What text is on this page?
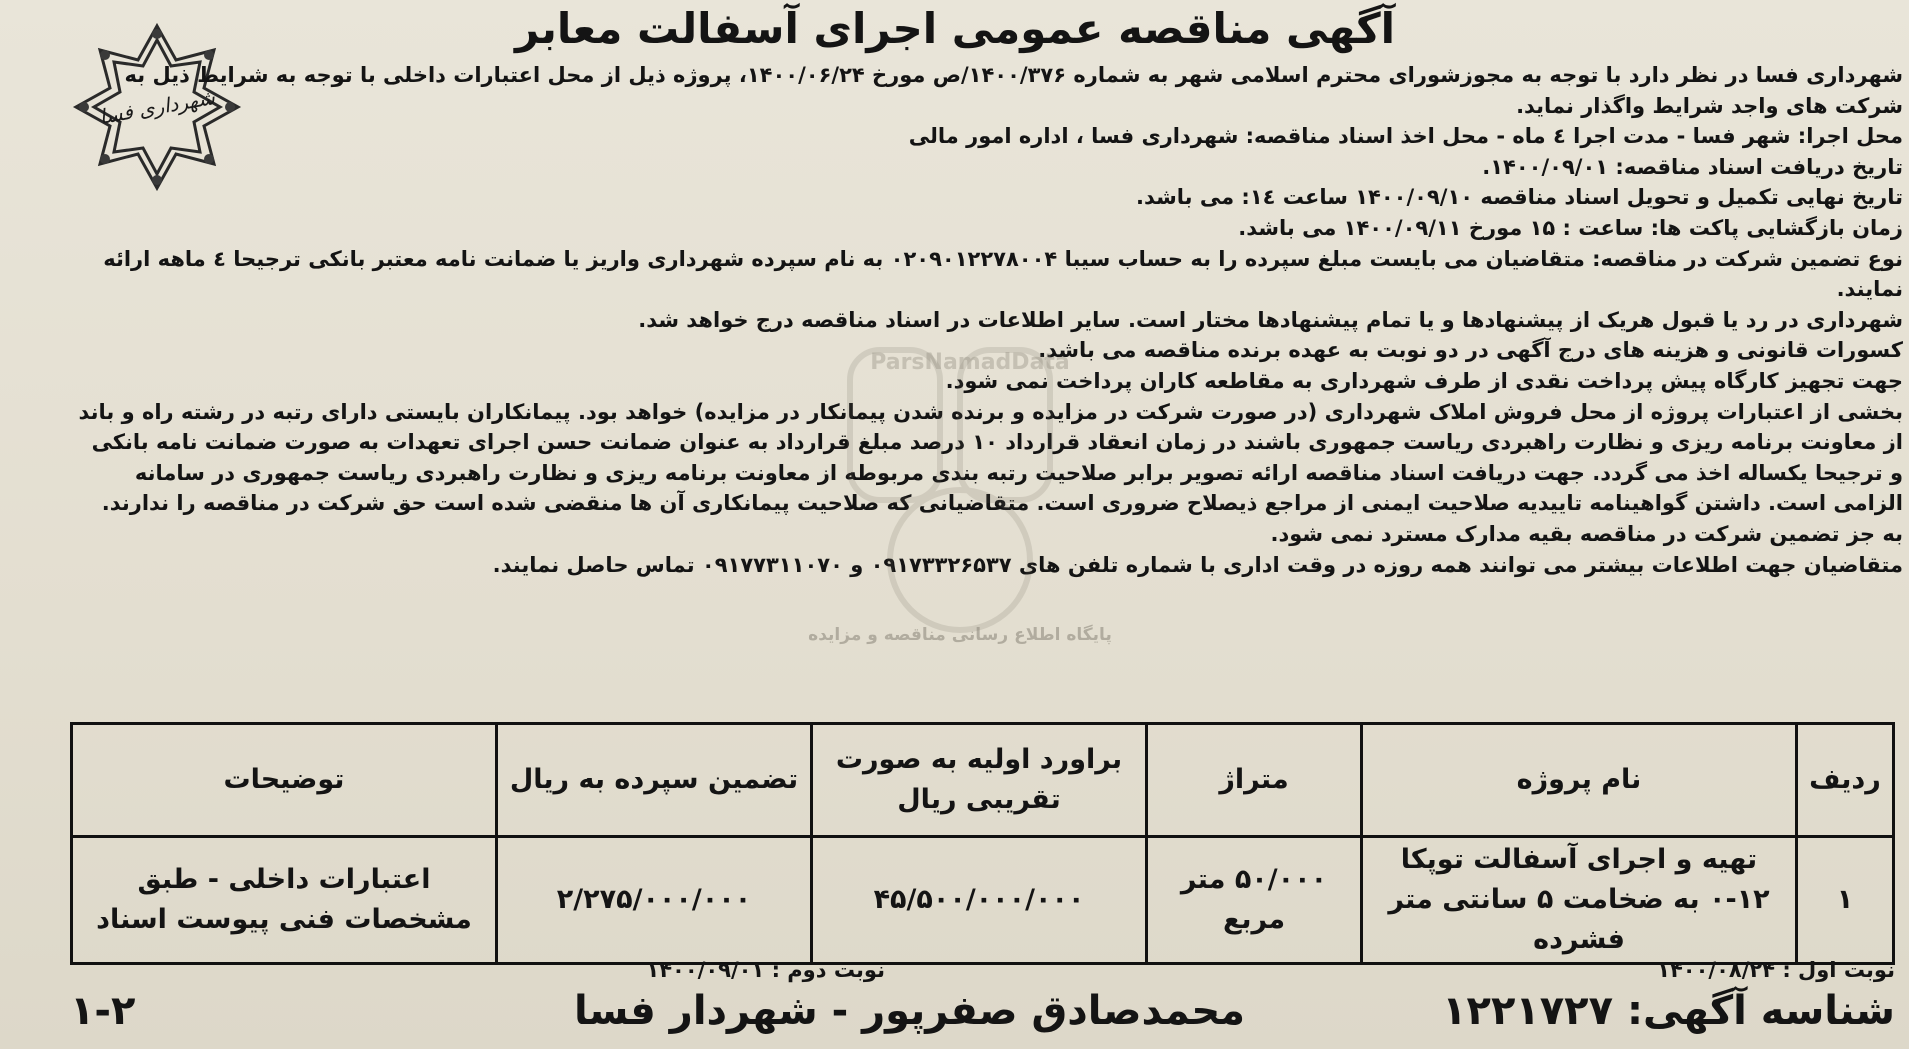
شهرداری فسا
آگهی مناقصه عمومی اجرای آسفالت معابر
شهرداری فسا در نظر دارد با توجه به مجوزشورای محترم اسلامی شهر به شماره ۱۴۰۰/۳۷۶/ص مورخ ۱۴۰۰/۰۶/۲۴، پروژه ذیل از محل اعتبارات داخلی با توجه به شرایط ذیل به شرکت های واجد شرایط واگذار نماید.
محل اجرا: شهر فسا - مدت اجرا ٤ ماه - محل اخذ اسناد مناقصه: شهرداری فسا ، اداره امور مالی
تاریخ دریافت اسناد مناقصه: ۱۴۰۰/۰۹/۰۱.
تاریخ نهایی تکمیل و تحویل اسناد مناقصه ۱۴۰۰/۰۹/۱۰ ساعت ۱٤: می باشد.
زمان بازگشایی پاکت ها: ساعت : ۱۵ مورخ ۱۴۰۰/۰۹/۱۱ می باشد.
نوع تضمین شرکت در مناقصه: متقاضیان می بایست مبلغ سپرده را به حساب سیبا ۰۲۰۹۰۱۲۲۷۸۰۰۴ به نام سپرده شهرداری واریز یا ضمانت نامه معتبر بانکی ترجیحا ٤ ماهه ارائه نمایند.
شهرداری در رد یا قبول هریک از پیشنهادها و یا تمام پیشنهادها مختار است. سایر اطلاعات در اسناد مناقصه درج خواهد شد.
کسورات قانونی و هزینه های درج آگهی در دو نوبت به عهده برنده مناقصه می باشد.
جهت تجهیز کارگاه پیش پرداخت نقدی از طرف شهرداری به مقاطعه کاران پرداخت نمی شود.
بخشی از اعتبارات پروژه از محل فروش املاک شهرداری (در صورت شرکت در مزایده و برنده شدن پیمانکار در مزایده) خواهد بود. پیمانکاران بایستی دارای رتبه در رشته راه و باند از معاونت برنامه ریزی و نظارت راهبردی ریاست جمهوری باشند در زمان انعقاد قرارداد ۱۰ درصد مبلغ قرارداد به عنوان ضمانت حسن اجرای تعهدات به صورت ضمانت نامه بانکی و ترجیحا یکساله اخذ می گردد. جهت دریافت اسناد مناقصه ارائه تصویر برابر صلاحیت رتبه بندی مربوطه از معاونت برنامه ریزی و نظارت راهبردی ریاست جمهوری در سامانه الزامی است. داشتن گواهینامه تاییدیه صلاحیت ایمنی از مراجع ذیصلاح ضروری است. متقاضیانی که صلاحیت پیمانکاری آن ها منقضی شده است حق شرکت در مناقصه را ندارند. به جز تضمین شرکت در مناقصه بقیه مدارک مسترد نمی شود.
متقاضیان جهت اطلاعات بیشتر می توانند همه روزه در وقت اداری با شماره تلفن های ۰۹۱۷۳۳۲۶۵۳۷ و ۰۹۱۷۷۳۱۱۰۷۰ تماس حاصل نمایند.
ParsNamadData
پایگاه اطلاع رسانی مناقصه و مزایده
ردیف	نام پروژه	متراژ	براورد اولیه به صورت تقریبی ریال	تضمین سپرده به ریال	توضیحات
۱	تهیه و اجرای آسفالت توپکا ۱۲-۰ به ضخامت ۵ سانتی متر فشرده	۵۰/۰۰۰ متر مربع	۴۵/۵۰۰/۰۰۰/۰۰۰	۲/۲۷۵/۰۰۰/۰۰۰	اعتبارات داخلی - طبق مشخصات فنی پیوست اسناد
نوبت اول : ۱۴۰۰/۰۸/۲۴
نوبت دوم : ۱۴۰۰/۰۹/۰۱
شناسه آگهی: ۱۲۲۱۷۲۷
محمدصادق صفرپور - شهردار فسا
۱-۲
